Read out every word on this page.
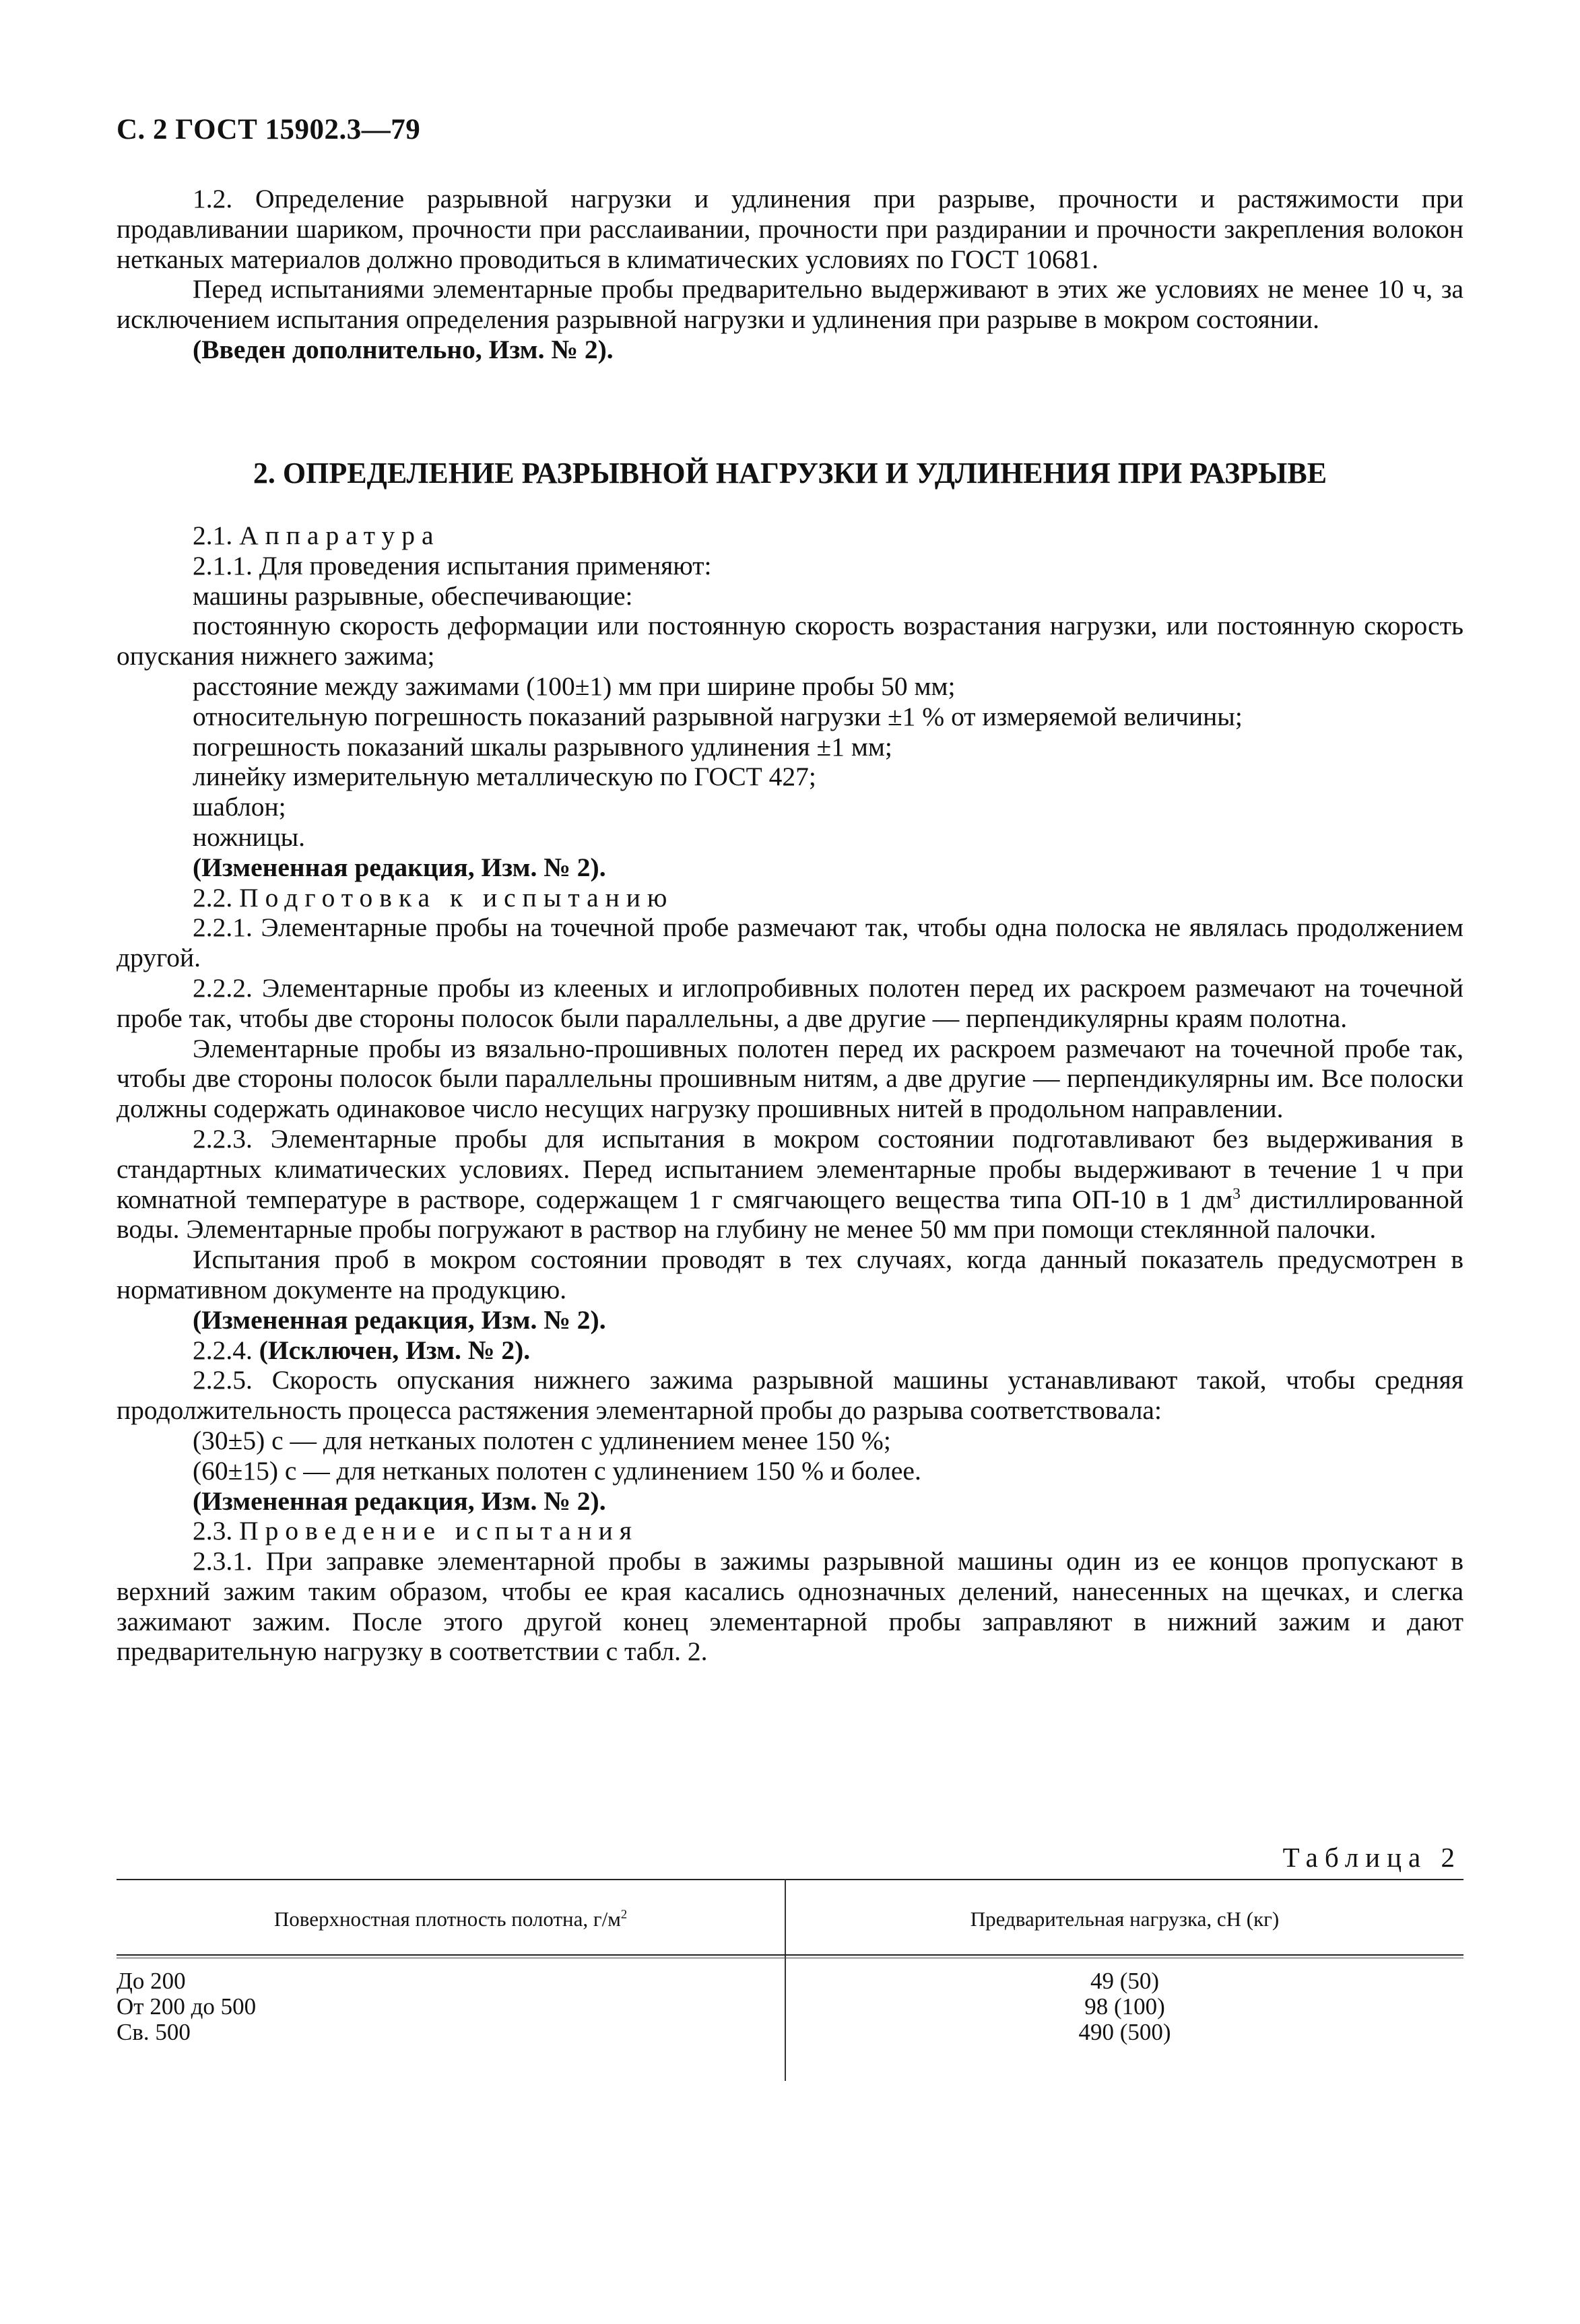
С. 2 ГОСТ 15902.3—79

1.2. Определение разрывной нагрузки и удлинения при разрыве, прочности и растяжимости при продавливании шариком, прочности при расслаивании, прочности при раздирании и прочности закрепления волокон нетканых материалов должно проводиться в климатических условиях по ГОСТ 10681.

Перед испытаниями элементарные пробы предварительно выдерживают в этих же условиях не менее 10 ч, за исключением испытания определения разрывной нагрузки и удлинения при разрыве в мокром состоянии.

(Введен дополнительно, Изм. № 2).

2. ОПРЕДЕЛЕНИЕ РАЗРЫВНОЙ НАГРУЗКИ И УДЛИНЕНИЯ ПРИ РАЗРЫВЕ

2.1. Аппаратура

2.1.1. Для проведения испытания применяют:

машины разрывные, обеспечивающие:

постоянную скорость деформации или постоянную скорость возрастания нагрузки, или постоянную скорость опускания нижнего зажима;

расстояние между зажимами (100±1) мм при ширине пробы 50 мм;

относительную погрешность показаний разрывной нагрузки ±1 % от измеряемой величины;

погрешность показаний шкалы разрывного удлинения ±1 мм;

линейку измерительную металлическую по ГОСТ 427;

шаблон;

ножницы.

(Измененная редакция, Изм. № 2).

2.2. Подготовка к испытанию

2.2.1. Элементарные пробы на точечной пробе размечают так, чтобы одна полоска не являлась продолжением другой.

2.2.2. Элементарные пробы из клееных и иглопробивных полотен перед их раскроем размечают на точечной пробе так, чтобы две стороны полосок были параллельны, а две другие — перпендикулярны краям полотна.

Элементарные пробы из вязально-прошивных полотен перед их раскроем размечают на точечной пробе так, чтобы две стороны полосок были параллельны прошивным нитям, а две другие — перпендикулярны им. Все полоски должны содержать одинаковое число несущих нагрузку прошивных нитей в продольном направлении.

2.2.3. Элементарные пробы для испытания в мокром состоянии подготавливают без выдерживания в стандартных климатических условиях. Перед испытанием элементарные пробы выдерживают в течение 1 ч при комнатной температуре в растворе, содержащем 1 г смягчающего вещества типа ОП-10 в 1 $дм^3$ дистиллированной воды. Элементарные пробы погружают в раствор на глубину не менее 50 мм при помощи стеклянной палочки.

Испытания проб в мокром состоянии проводят в тех случаях, когда данный показатель предусмотрен в нормативном документе на продукцию.

(Измененная редакция, Изм. № 2).

2.2.4. (Исключен, Изм. № 2).

2.2.5. Скорость опускания нижнего зажима разрывной машины устанавливают такой, чтобы средняя продолжительность процесса растяжения элементарной пробы до разрыва соответствовала:

(30±5) с — для нетканых полотен с удлинением менее 150 %;

(60±15) с — для нетканых полотен с удлинением 150 % и более.

(Измененная редакция, Изм. № 2).

2.3. Проведение испытания

2.3.1. При заправке элементарной пробы в зажимы разрывной машины один из ее концов пропускают в верхний зажим таким образом, чтобы ее края касались однозначных делений, нанесенных на щечках, и слегка зажимают зажим. После этого другой конец элементарной пробы заправляют в нижний зажим и дают предварительную нагрузку в соответствии с табл. 2.

Таблица 2
Поверхностная плотность полотна, $г/м^2$	Предварительная нагрузка, сН (кг)
До 200
От 200 до 500
Св. 500
49 (50)
98 (100)
490 (500)
